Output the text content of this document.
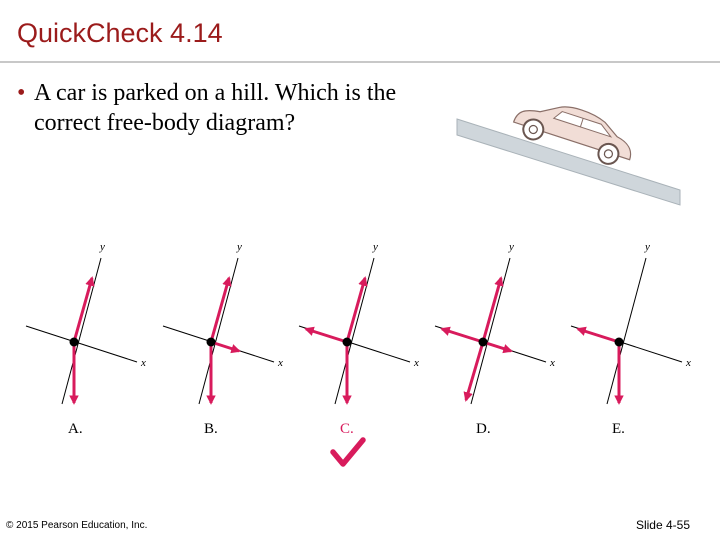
QuickCheck 4.14
• A car is parked on a hill. Which is the correct free-body diagram?
x
y
A.
x
y
B.
x
y
C.
x
y
D.
x
y
E.
© 2015 Pearson Education, Inc.	Slide 4-55
